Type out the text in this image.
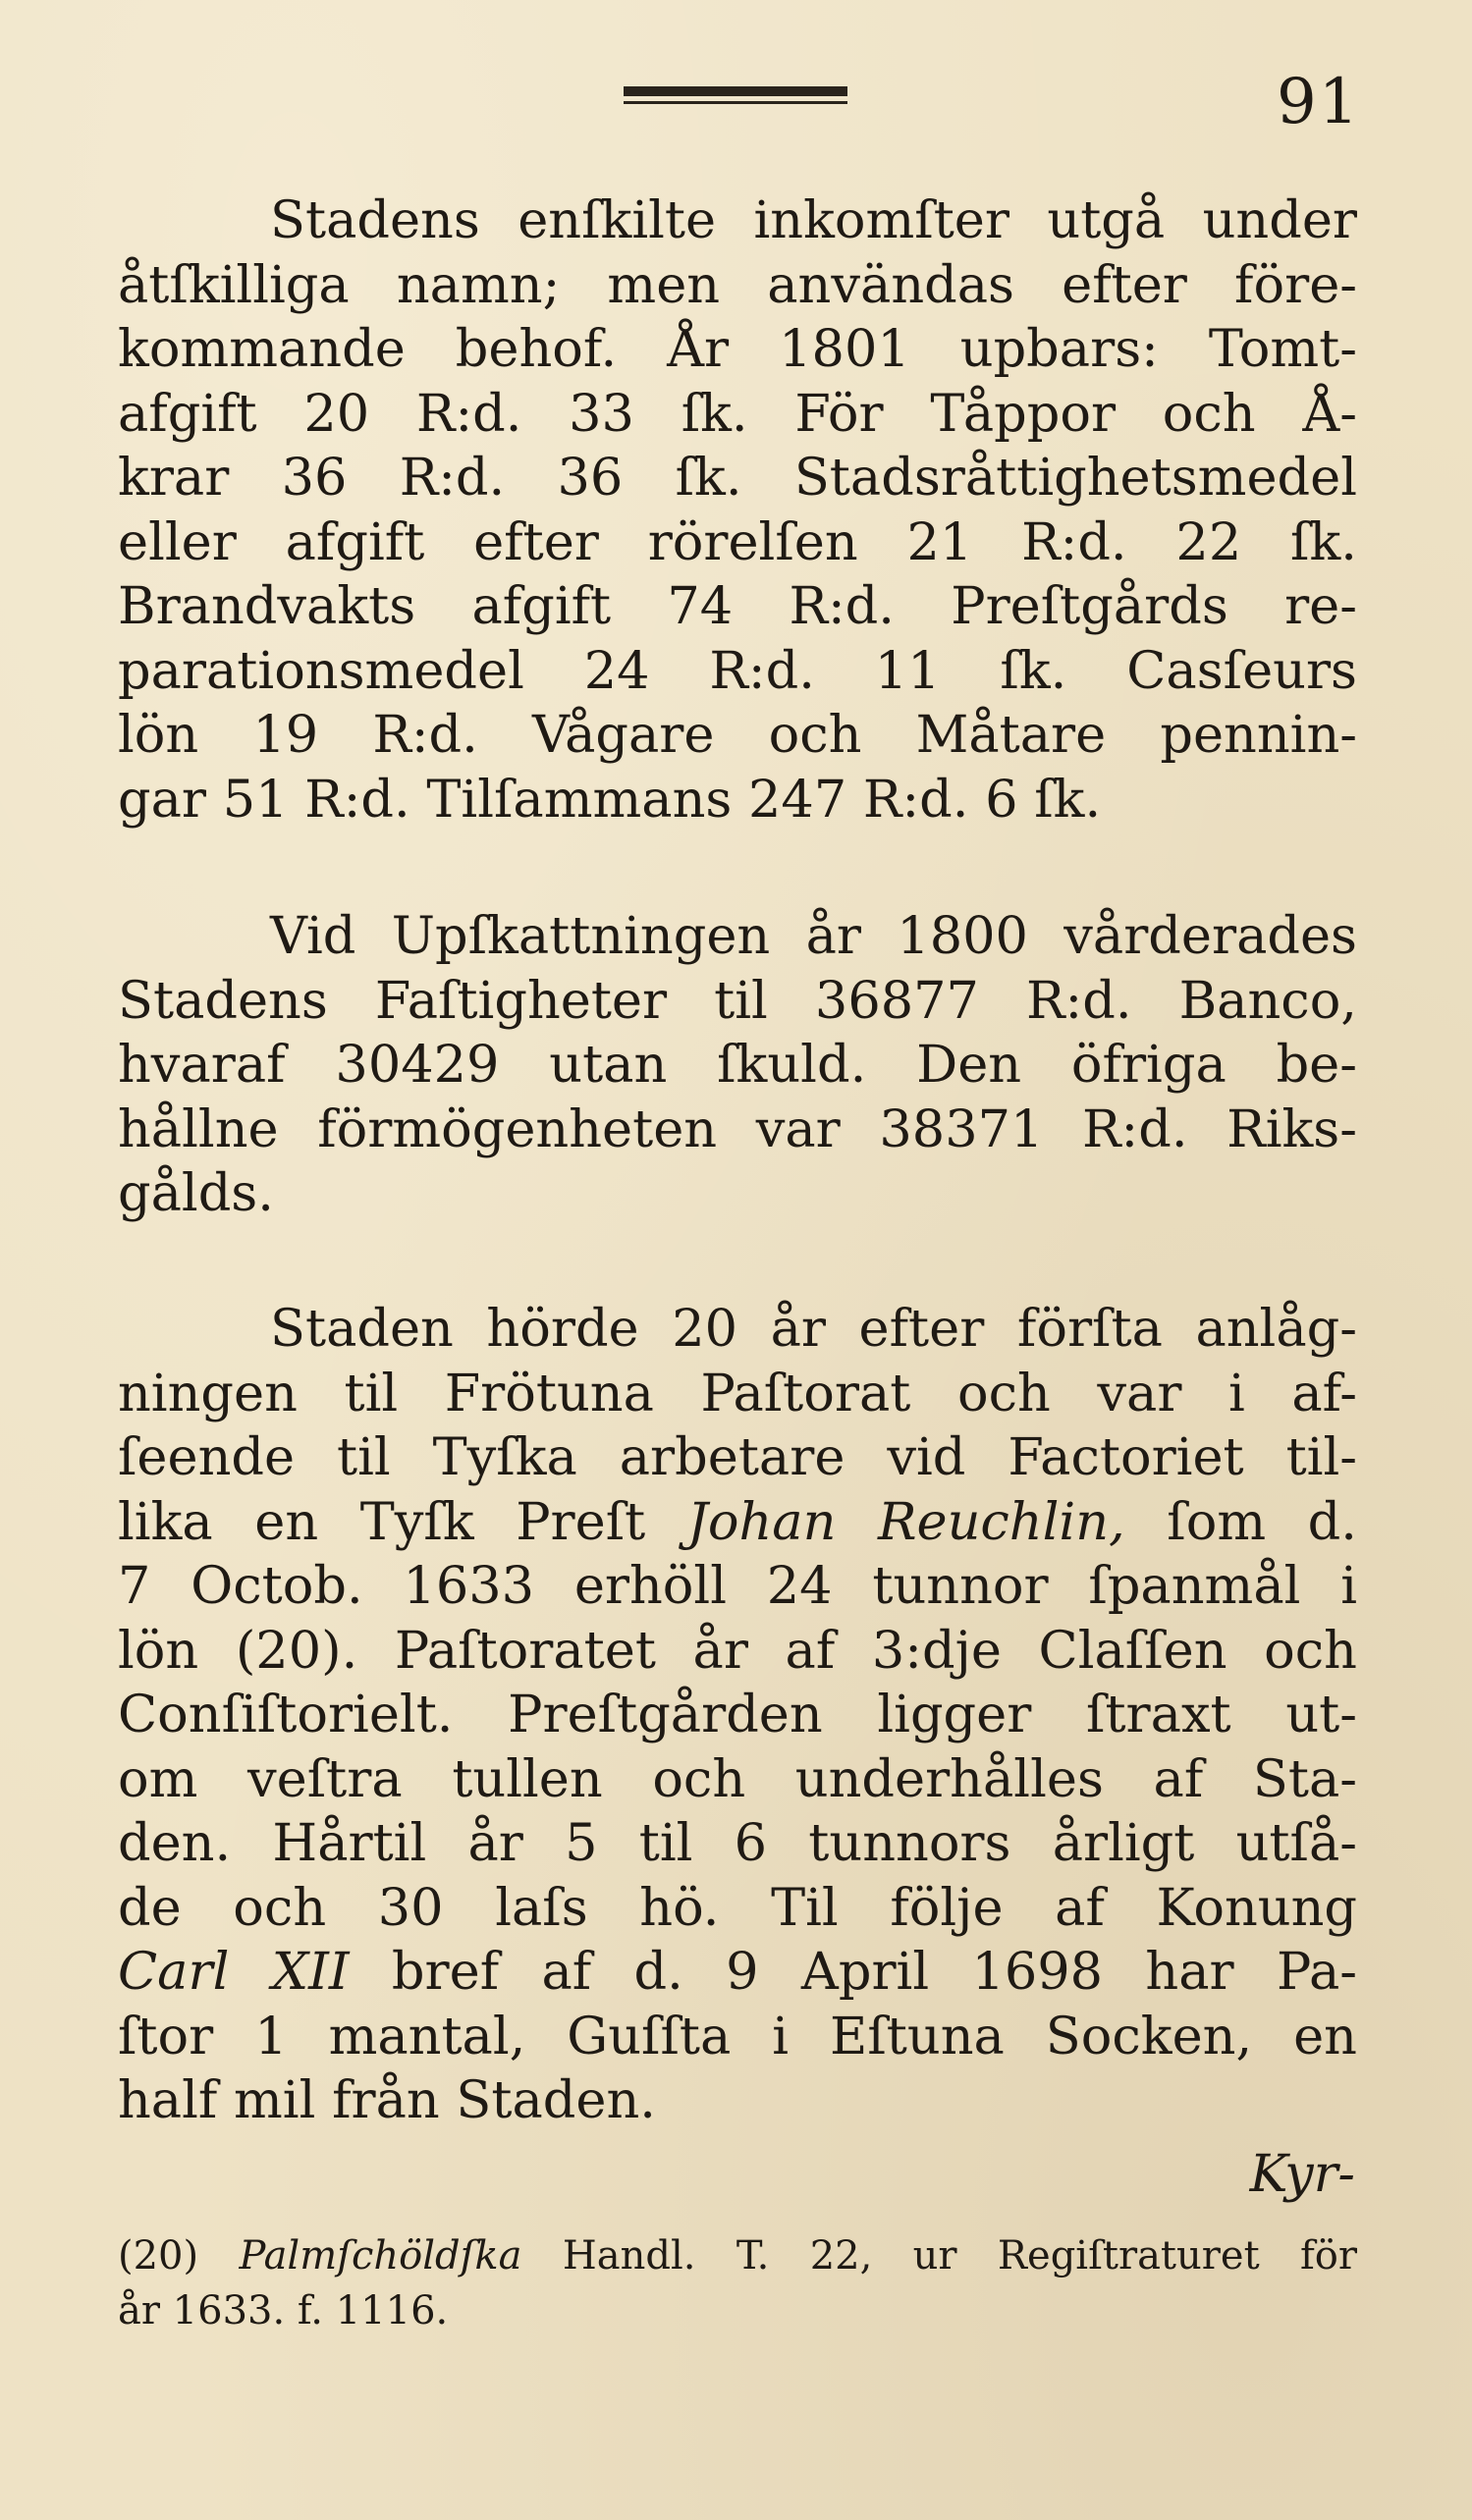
91
Stadens enſkilte inkomſter utgå under
åtſkilliga namn; men användas efter före-
kommande behof. År 1801 upbars: Tomt-
afgift 20 R:d. 33 ſk. För Tåppor och Å-
krar 36 R:d. 36 ſk. Stadsråttighetsmedel
eller afgift efter rörelſen 21 R:d. 22 ſk.
Brandvakts afgift 74 R:d. Preſtgårds re-
parationsmedel 24 R:d. 11 ſk. Casſeurs
lön 19 R:d. Vågare och Måtare pennin-
gar 51 R:d. Tilſammans 247 R:d. 6 ſk.
Vid Upſkattningen år 1800 vårderades
Stadens Faſtigheter til 36877 R:d. Banco,
hvaraf 30429 utan ſkuld. Den öfriga be-
hållne förmögenheten var 38371 R:d. Riks-
gålds.
Staden hörde 20 år efter förſta anlåg-
ningen til Frötuna Paſtorat och var i af-
ſeende til Tyſka arbetare vid Factoriet til-
lika en Tyſk Preſt Johan Reuchlin, ſom d.
7 Octob. 1633 erhöll 24 tunnor ſpanmål i
lön (20). Paſtoratet år af 3:dje Claſſen och
Conſiſtorielt. Preſtgården ligger ſtraxt ut-
om veſtra tullen och underhålles af Sta-
den. Hårtil år 5 til 6 tunnors årligt utſå-
de och 30 laſs hö. Til följe af Konung
Carl XII bref af d. 9 April 1698 har Pa-
ſtor 1 mantal, Guſſta i Eſtuna Socken, en
half mil från Staden.
Kyr-
(20) Palmſchöldſka Handl. T. 22, ur Regiſtraturet för
år 1633. f. 1116.
